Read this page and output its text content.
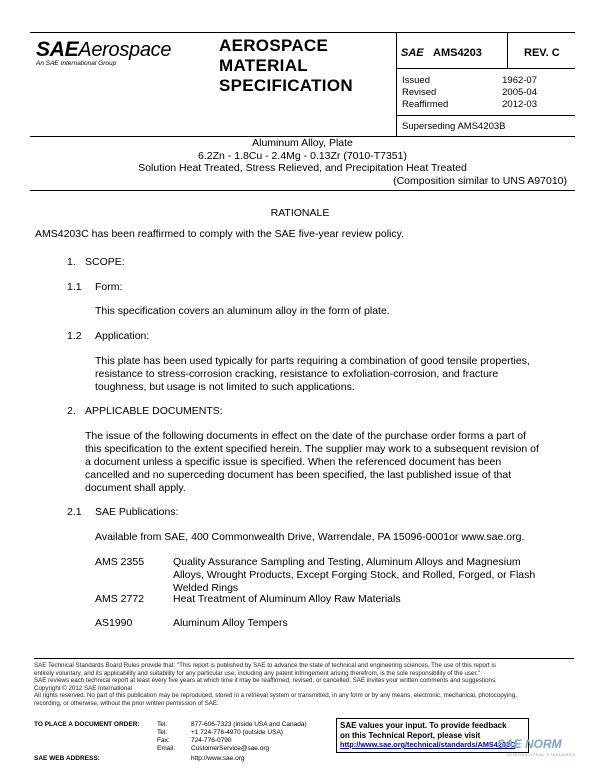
SAEAerospace
An SAE International Group
AEROSPACE
MATERIAL
SPECIFICATION
SAE AMS4203	REV. C
Issued	1962-07
Revised	2005-04
Reaffirmed	2012-03
Superseding AMS4203B
Aluminum Alloy, Plate
6.2Zn - 1.8Cu - 2.4Mg - 0.13Zr (7010-T7351)
Solution Heat Treated, Stress Relieved, and Precipitation Heat Treated
(Composition similar to UNS A97010)
RATIONALE
AMS4203C has been reaffirmed to comply with the SAE five-year review policy.
1. SCOPE:
1.1 Form:
This specification covers an aluminum alloy in the form of plate.
1.2 Application:
This plate has been used typically for parts requiring a combination of good tensile properties,
resistance to stress-corrosion cracking, resistance to exfoliation-corrosion, and fracture
toughness, but usage is not limited to such applications.
2. APPLICABLE DOCUMENTS:
The issue of the following documents in effect on the date of the purchase order forms a part of
this specification to the extent specified herein. The supplier may work to a subsequent revision of
a document unless a specific issue is specified. When the referenced document has been
cancelled and no superceding document has been specified, the last published issue of that
document shall apply.
2.1 SAE Publications:
Available from SAE, 400 Commonwealth Drive, Warrendale, PA 15096-0001or www.sae.org.
AMS 2355	Quality Assurance Sampling and Testing, Aluminum Alloys and Magnesium
Alloys, Wrought Products, Except Forging Stock, and Rolled, Forged, or Flash
Welded Rings
AMS 2772	Heat Treatment of Aluminum Alloy Raw Materials
AS1990	Aluminum Alloy Tempers
SAE Technical Standards Board Rules provide that: "This report is published by SAE to advance the state of technical and engineering sciences. The use of this report is
entirely voluntary, and its applicability and suitability for any particular use, including any patent infringement arising therefrom, is the sole responsibility of the user."
SAE reviews each technical report at least every five years at which time it may be reaffirmed, revised, or cancelled. SAE invites your written comments and suggestions.
Copyright © 2012 SAE International
All rights reserved. No part of this publication may be reproduced, stored in a retrieval system or transmitted, in any form or by any means, electronic, mechanical, photocopying,
recording, or otherwise, without the prior written permission of SAE.
TO PLACE A DOCUMENT ORDER:	Tel:	877-606-7323 (inside USA and Canada)
Tel:	+1 724-776-4970 (outside USA)
Fax:	724-776-0790
Email: CustomerService@sae.org
SAE WEB ADDRESS:	http://www.sae.org
SAE values your input. To provide feedback
on this Technical Report, please visit
http://www.sae.org/technical/standards/AMS4203C
SAE NORM
INTERNATIONAL STANDARDS
